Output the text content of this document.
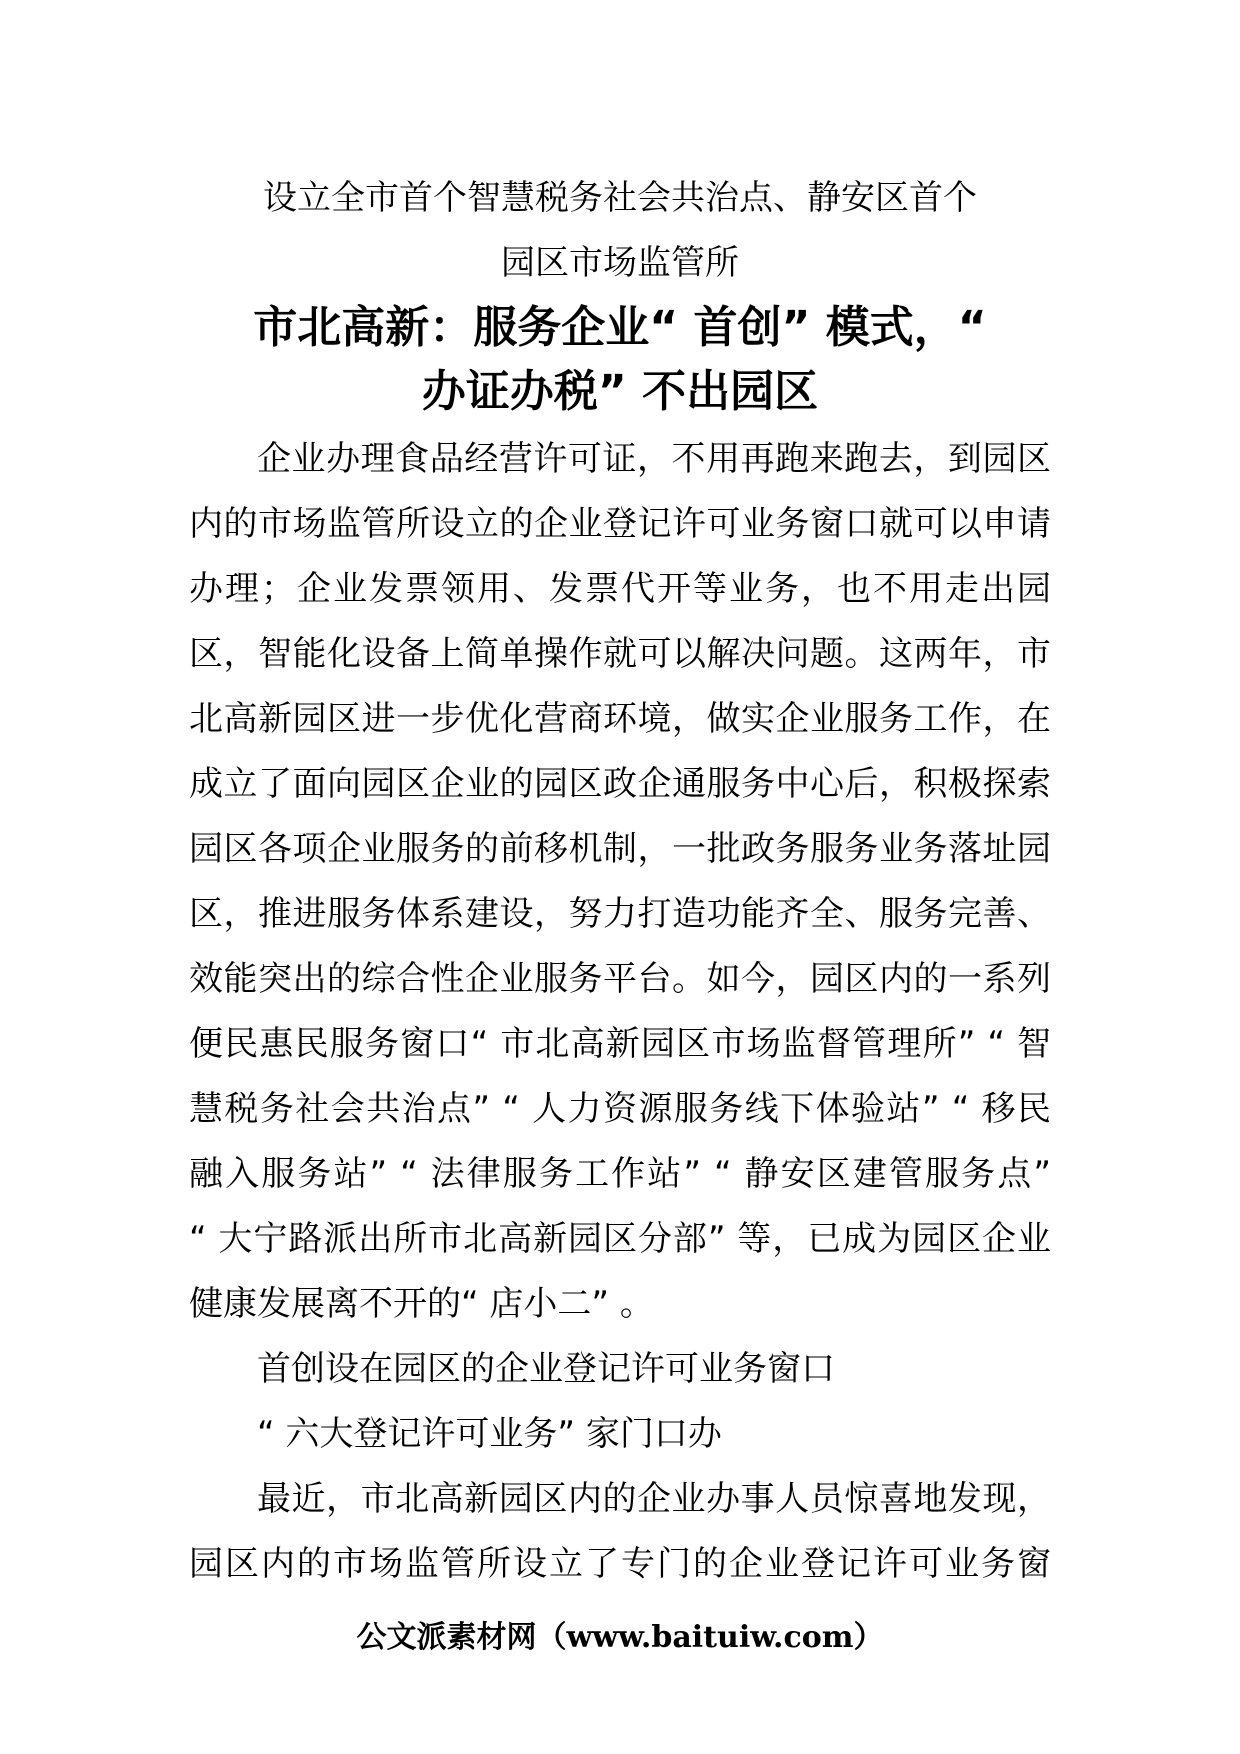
设立全市首个智慧税务社会共治点、静安区首个
园区市场监管所
市北高新：服务企业“ 首创” 模式，“
办证办税” 不出园区
企业办理食品经营许可证，不用再跑来跑去，到园区
内的市场监管所设立的企业登记许可业务窗口就可以申请
办理；企业发票领用、发票代开等业务，也不用走出园
区，智能化设备上简单操作就可以解决问题。这两年，市
北高新园区进一步优化营商环境，做实企业服务工作，在
成立了面向园区企业的园区政企通服务中心后，积极探索
园区各项企业服务的前移机制，一批政务服务业务落址园
区，推进服务体系建设，努力打造功能齐全、服务完善、
效能突出的综合性企业服务平台。如今，园区内的一系列
便民惠民服务窗口“ 市北高新园区市场监督管理所” “ 智
慧税务社会共治点” “ 人力资源服务线下体验站” “ 移民
融入服务站” “ 法律服务工作站” “ 静安区建管服务点”
“ 大宁路派出所市北高新园区分部” 等，已成为园区企业
健康发展离不开的“ 店小二” 。
首创设在园区的企业登记许可业务窗口
“ 六大登记许可业务” 家门口办
最近，市北高新园区内的企业办事人员惊喜地发现，
园区内的市场监管所设立了专门的企业登记许可业务窗
公文派素材网（www.baituiw.com）
